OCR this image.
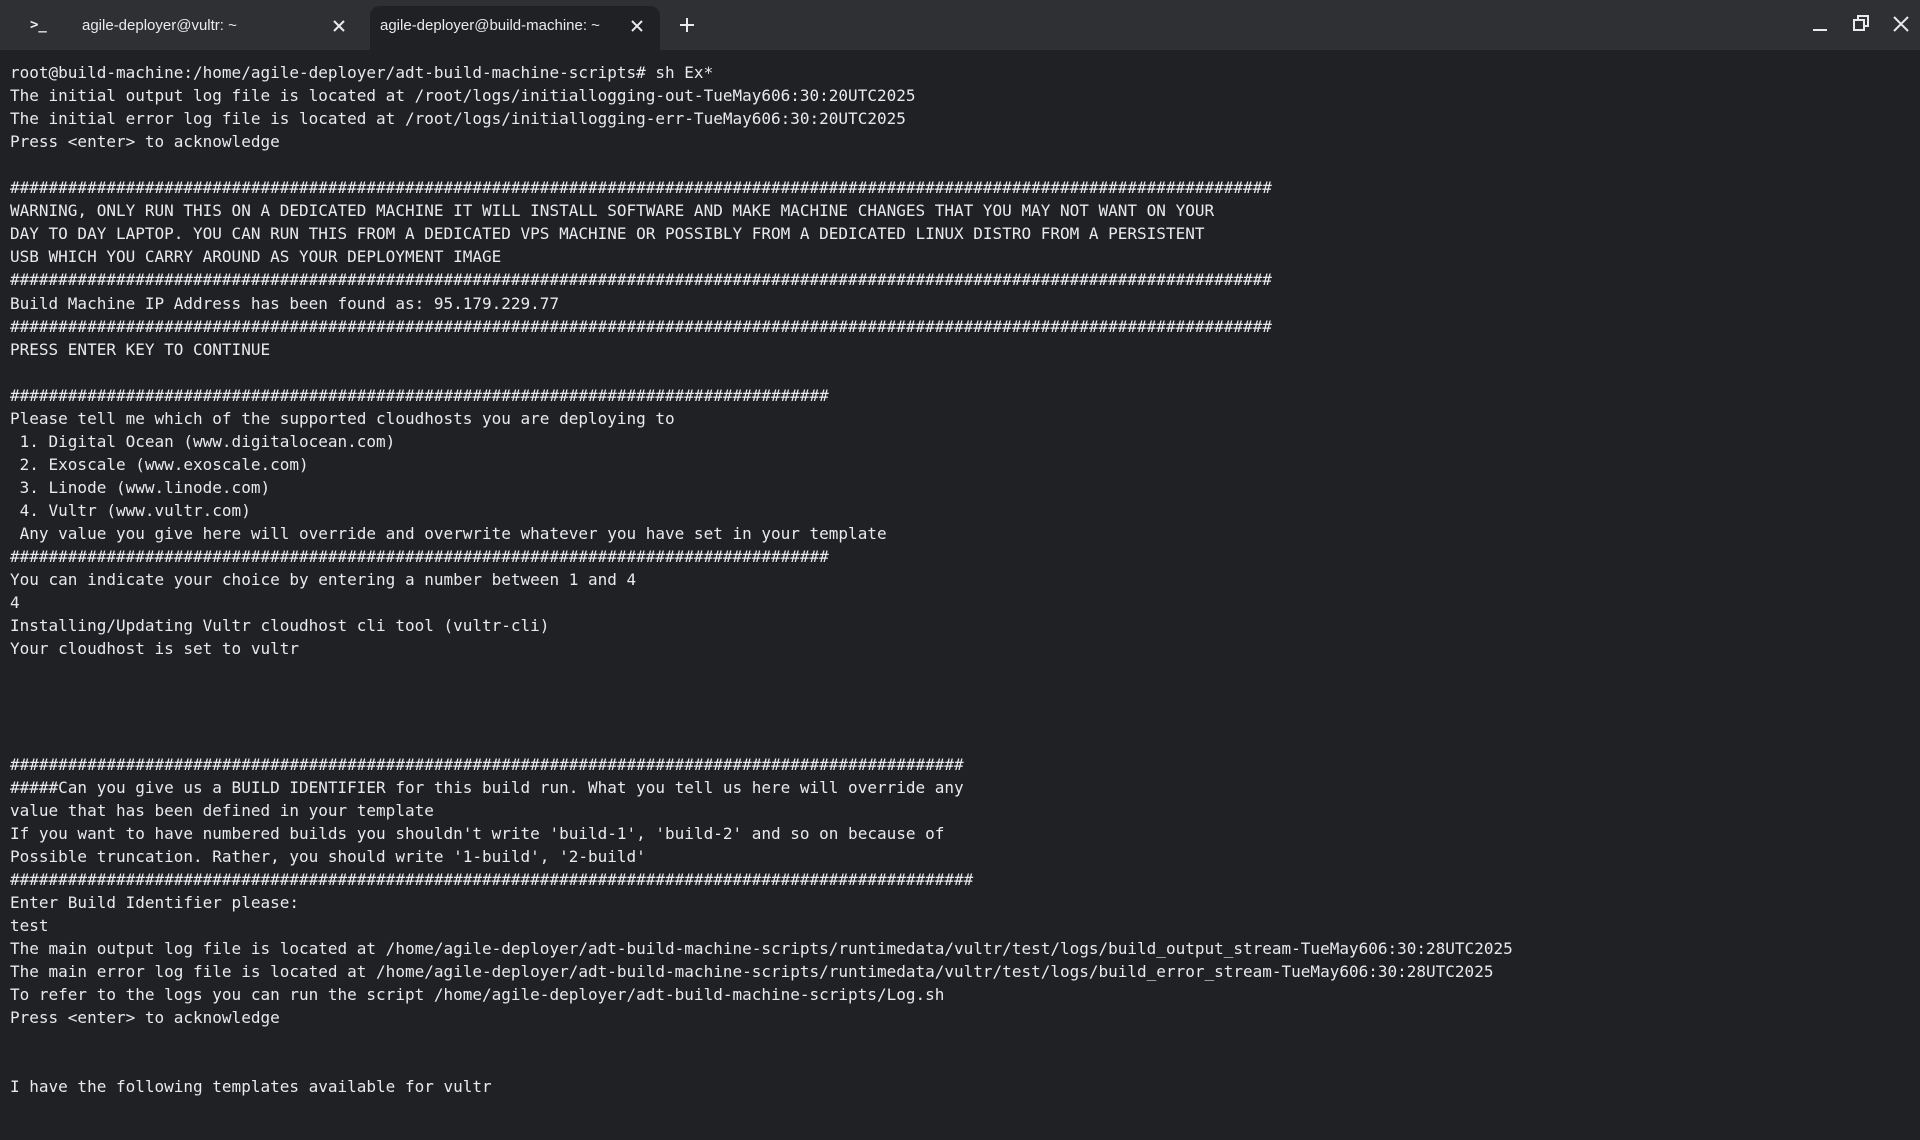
>_	agile-deployer@vultr: ~	agile-deployer@build-machine: ~
root@build-machine:/home/agile-deployer/adt-build-machine-scripts# sh Ex*
The initial output log file is located at /root/logs/initiallogging-out-TueMay606:30:20UTC2025
The initial error log file is located at /root/logs/initiallogging-err-TueMay606:30:20UTC2025
Press <enter> to acknowledge
###################################################################################################################################
WARNING, ONLY RUN THIS ON A DEDICATED MACHINE IT WILL INSTALL SOFTWARE AND MAKE MACHINE CHANGES THAT YOU MAY NOT WANT ON YOUR
DAY TO DAY LAPTOP. YOU CAN RUN THIS FROM A DEDICATED VPS MACHINE OR POSSIBLY FROM A DEDICATED LINUX DISTRO FROM A PERSISTENT
USB WHICH YOU CARRY AROUND AS YOUR DEPLOYMENT IMAGE
###################################################################################################################################
Build Machine IP Address has been found as: 95.179.229.77
###################################################################################################################################
PRESS ENTER KEY TO CONTINUE
#####################################################################################
Please tell me which of the supported cloudhosts you are deploying to
1. Digital Ocean (www.digitalocean.com)
2. Exoscale (www.exoscale.com)
3. Linode (www.linode.com)
4. Vultr (www.vultr.com)
Any value you give here will override and overwrite whatever you have set in your template
#####################################################################################
You can indicate your choice by entering a number between 1 and 4
4
Installing/Updating Vultr cloudhost cli tool (vultr-cli)
Your cloudhost is set to vultr
###################################################################################################
#####Can you give us a BUILD IDENTIFIER for this build run. What you tell us here will override any
value that has been defined in your template
If you want to have numbered builds you shouldn't write 'build-1', 'build-2' and so on because of
Possible truncation. Rather, you should write '1-build', '2-build'
####################################################################################################
Enter Build Identifier please:
test
The main output log file is located at /home/agile-deployer/adt-build-machine-scripts/runtimedata/vultr/test/logs/build_output_stream-TueMay606:30:28UTC2025
The main error log file is located at /home/agile-deployer/adt-build-machine-scripts/runtimedata/vultr/test/logs/build_error_stream-TueMay606:30:28UTC2025
To refer to the logs you can run the script /home/agile-deployer/adt-build-machine-scripts/Log.sh
Press <enter> to acknowledge
I have the following templates available for vultr
